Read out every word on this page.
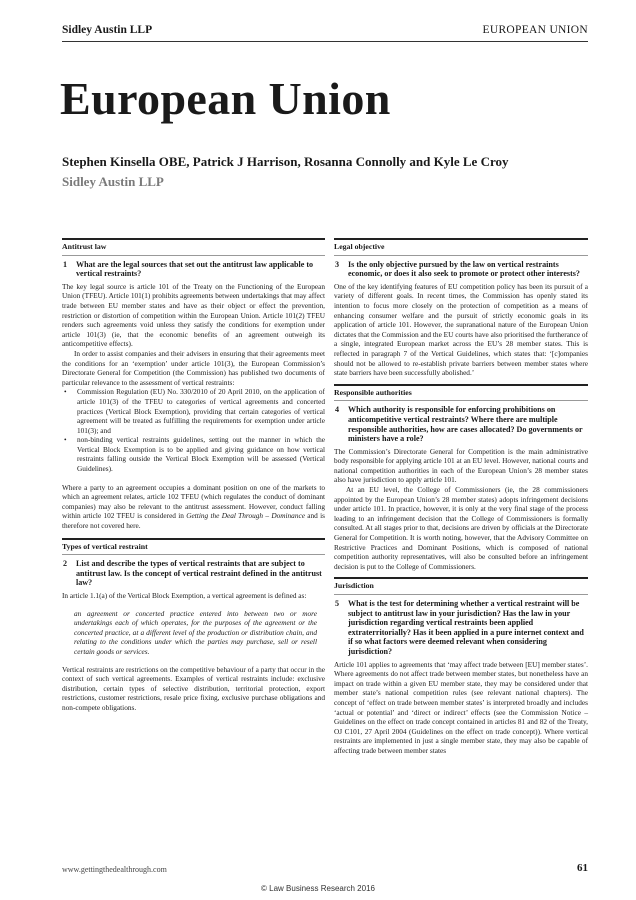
Sidley Austin LLP	EUROPEAN UNION
European Union
Stephen Kinsella OBE, Patrick J Harrison, Rosanna Connolly and Kyle Le Croy
Sidley Austin LLP
Antitrust law
1	What are the legal sources that set out the antitrust law applicable to vertical restraints?

The key legal source is article 101 of the Treaty on the Functioning of the European Union (TFEU). Article 101(1) prohibits agreements between undertakings that may affect trade between EU member states and have as their object or effect the prevention, restriction or distortion of competition within the European Union. Article 101(2) TFEU renders such agreements void unless they satisfy the conditions for exemption under article 101(3) (ie, that the economic benefits of an agreement outweigh its anticompetitive effects).

In order to assist companies and their advisers in ensuring that their agreements meet the conditions for an ‘exemption’ under article 101(3), the European Commission’s Directorate General for Competition (the Commission) has published two documents of particular relevance to the assessment of vertical restraints:

•	Commission Regulation (EU) No. 330/2010 of 20 April 2010, on the application of article 101(3) of the TFEU to categories of vertical agreements and concerted practices (Vertical Block Exemption), providing that certain categories of vertical agreement will be treated as fulfilling the requirements for exemption under article 101(3); and
•	non-binding vertical restraints guidelines, setting out the manner in which the Vertical Block Exemption is to be applied and giving guidance on how vertical restraints falling outside the Vertical Block Exemption will be assessed (Vertical Guidelines).

Where a party to an agreement occupies a dominant position on one of the markets to which an agreement relates, article 102 TFEU (which regulates the conduct of dominant companies) may also be relevant to the antitrust assessment. However, conduct falling within article 102 TFEU is considered in Getting the Deal Through – Dominance and is therefore not covered here.

Types of vertical restraint
2	List and describe the types of vertical restraints that are subject to antitrust law. Is the concept of vertical restraint defined in the antitrust law?

In article 1.1(a) of the Vertical Block Exemption, a vertical agreement is defined as:

an agreement or concerted practice entered into between two or more undertakings each of which operates, for the purposes of the agreement or the concerted practice, at a different level of the production or distribution chain, and relating to the conditions under which the parties may purchase, sell or resell certain goods or services.

Vertical restraints are restrictions on the competitive behaviour of a party that occur in the context of such vertical agreements. Examples of vertical restraints include: exclusive distribution, certain types of selective distribution, territorial protection, export restrictions, customer restrictions, resale price fixing, exclusive purchase obligations and non-compete obligations.

Legal objective
3	Is the only objective pursued by the law on vertical restraints economic, or does it also seek to promote or protect other interests?

One of the key identifying features of EU competition policy has been its pursuit of a variety of different goals. In recent times, the Commission has openly stated its intention to focus more closely on the protection of competition as a means of enhancing consumer welfare and the pursuit of strictly economic goals in its application of article 101. However, the supranational nature of the European Union dictates that the Commission and the EU courts have also prioritised the furtherance of a single, integrated European market across the EU’s 28 member states. This is reflected in paragraph 7 of the Vertical Guidelines, which states that: ‘[c]ompanies should not be allowed to re-establish private barriers between member states where state barriers have been successfully abolished.’

Responsible authorities
4	Which authority is responsible for enforcing prohibitions on anticompetitive vertical restraints? Where there are multiple responsible authorities, how are cases allocated? Do governments or ministers have a role?

The Commission’s Directorate General for Competition is the main administrative body responsible for applying article 101 at an EU level. However, national courts and national competition authorities in each of the European Union’s 28 member states also have jurisdiction to apply article 101.

At an EU level, the College of Commissioners (ie, the 28 commissioners appointed by the European Union’s 28 member states) adopts infringement decisions under article 101. In practice, however, it is only at the very final stage of the process leading to an infringement decision that the College of Commissioners is formally consulted. At all stages prior to that, decisions are driven by officials at the Directorate General for Competition. It is worth noting, however, that the Advisory Committee on Restrictive Practices and Dominant Positions, which is composed of national competition authority representatives, will also be consulted before an infringement decision is put to the College of Commissioners.

Jurisdiction
5	What is the test for determining whether a vertical restraint will be subject to antitrust law in your jurisdiction? Has the law in your jurisdiction regarding vertical restraints been applied extraterritorially? Has it been applied in a pure internet context and if so what factors were deemed relevant when considering jurisdiction?

Article 101 applies to agreements that ‘may affect trade between [EU] member states’. Where agreements do not affect trade between member states, but nonetheless have an impact on trade within a given EU member state, they may be considered under that member state’s national competition rules (see relevant national chapters). The concept of ‘effect on trade between member states’ is interpreted broadly and includes ‘actual or potential’ and ‘direct or indirect’ effects (see the Commission Notice – Guidelines on the effect on trade concept contained in articles 81 and 82 of the Treaty, OJ C101, 27 April 2004 (Guidelines on the effect on trade concept)). Where vertical restraints are implemented in just a single member state, they may also be capable of affecting trade between member states

www.gettingthedealthrough.com	61
© Law Business Research 2016
